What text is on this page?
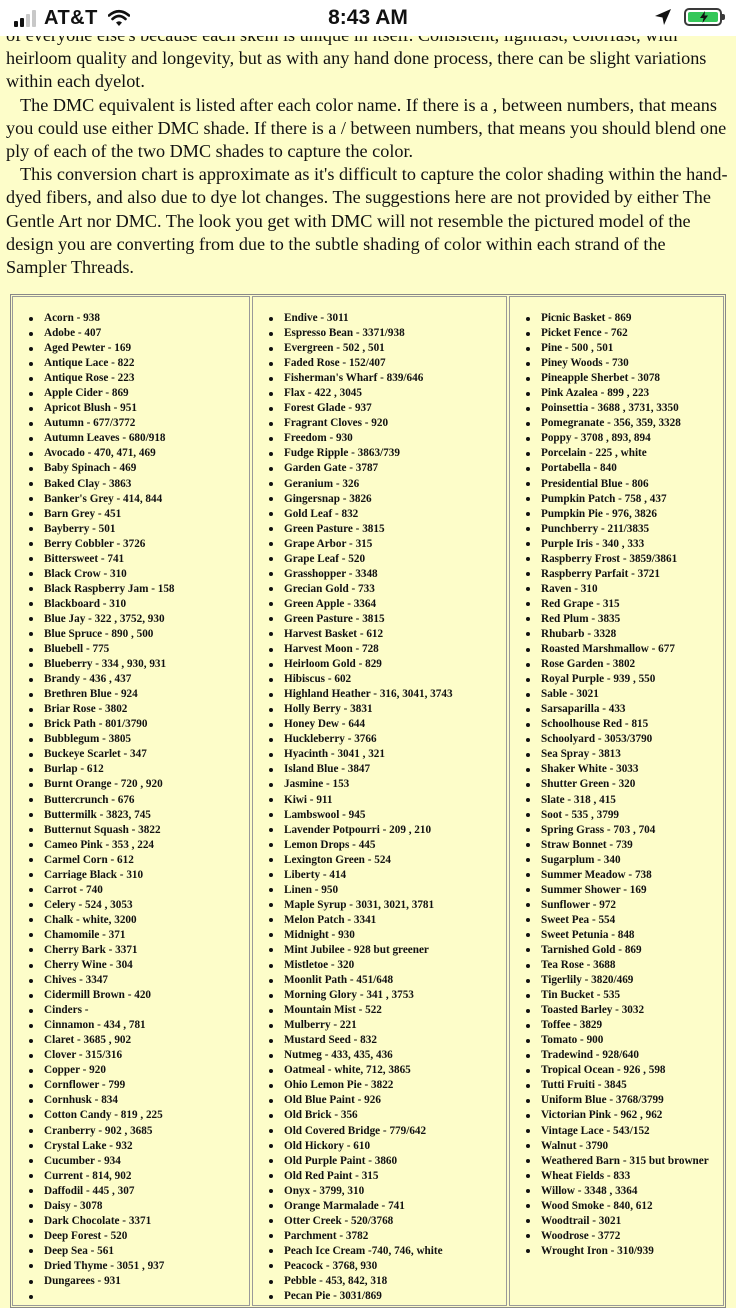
AT&T	8:43 AM

heirloom quality and longevity, but as with any hand done process, there can be slight variations within each dyelot.

The DMC equivalent is listed after each color name. If there is a , between numbers, that means you could use either DMC shade. If there is a / between numbers, that means you should blend one ply of each of the two DMC shades to capture the color.

This conversion chart is approximate as it's difficult to capture the color shading within the hand-dyed fibers, and also due to dye lot changes. The suggestions here are not provided by either The Gentle Art nor DMC. The look you get with DMC will not resemble the pictured model of the design you are converting from due to the subtle shading of color within each strand of the Sampler Threads.

Acorn - 938
Adobe - 407
Aged Pewter - 169
Antique Lace - 822
Antique Rose - 223
Apple Cider - 869
Apricot Blush - 951
Autumn - 677/3772
Autumn Leaves - 680/918
Avocado - 470, 471, 469
Baby Spinach - 469
Baked Clay - 3863
Banker's Grey - 414, 844
Barn Grey - 451
Bayberry - 501
Berry Cobbler - 3726
Bittersweet - 741
Black Crow - 310
Black Raspberry Jam - 158
Blackboard - 310
Blue Jay - 322 , 3752, 930
Blue Spruce - 890 , 500
Bluebell - 775
Blueberry - 334 , 930, 931
Brandy - 436 , 437
Brethren Blue - 924
Briar Rose - 3802
Brick Path - 801/3790
Bubblegum - 3805
Buckeye Scarlet - 347
Burlap - 612
Burnt Orange - 720 , 920
Buttercrunch - 676
Buttermilk - 3823, 745
Butternut Squash - 3822
Cameo Pink - 353 , 224
Carmel Corn - 612
Carriage Black - 310
Carrot - 740
Celery - 524 , 3053
Chalk - white, 3200
Chamomile - 371
Cherry Bark - 3371
Cherry Wine - 304
Chives - 3347
Cidermill Brown - 420
Cinders -
Cinnamon - 434 , 781
Claret - 3685 , 902
Clover - 315/316
Copper - 920
Cornflower - 799
Cornhusk - 834
Cotton Candy - 819 , 225
Cranberry - 902 , 3685
Crystal Lake - 932
Cucumber - 934
Current - 814, 902
Daffodil - 445 , 307
Daisy - 3078
Dark Chocolate - 3371
Deep Forest - 520
Deep Sea - 561
Dried Thyme - 3051 , 937
Dungarees - 931
Endive - 3011
Espresso Bean - 3371/938
Evergreen - 502 , 501
Faded Rose - 152/407
Fisherman's Wharf - 839/646
Flax - 422 , 3045
Forest Glade - 937
Fragrant Cloves - 920
Freedom - 930
Fudge Ripple - 3863/739
Garden Gate - 3787
Geranium - 326
Gingersnap - 3826
Gold Leaf - 832
Green Pasture - 3815
Grape Arbor - 315
Grape Leaf - 520
Grasshopper - 3348
Grecian Gold - 733
Green Apple - 3364
Green Pasture - 3815
Harvest Basket - 612
Harvest Moon - 728
Heirloom Gold - 829
Hibiscus - 602
Highland Heather - 316, 3041, 3743
Holly Berry - 3831
Honey Dew - 644
Huckleberry - 3766
Hyacinth - 3041 , 321
Island Blue - 3847
Jasmine - 153
Kiwi - 911
Lambswool - 945
Lavender Potpourri - 209 , 210
Lemon Drops - 445
Lexington Green - 524
Liberty - 414
Linen - 950
Maple Syrup - 3031, 3021, 3781
Melon Patch - 3341
Midnight - 930
Mint Jubilee - 928 but greener
Mistletoe - 320
Moonlit Path - 451/648
Morning Glory - 341 , 3753
Mountain Mist - 522
Mulberry - 221
Mustard Seed - 832
Nutmeg - 433, 435, 436
Oatmeal - white, 712, 3865
Ohio Lemon Pie - 3822
Old Blue Paint - 926
Old Brick - 356
Old Covered Bridge - 779/642
Old Hickory - 610
Old Purple Paint - 3860
Old Red Paint - 315
Onyx - 3799, 310
Orange Marmalade - 741
Otter Creek - 520/3768
Parchment - 3782
Peach Ice Cream -740, 746, white
Peacock - 3768, 930
Pebble - 453, 842, 318
Pecan Pie - 3031/869
Picnic Basket - 869
Picket Fence - 762
Pine - 500 , 501
Piney Woods - 730
Pineapple Sherbet - 3078
Pink Azalea - 899 , 223
Poinsettia - 3688 , 3731, 3350
Pomegranate - 356, 359, 3328
Poppy - 3708 , 893, 894
Porcelain - 225 , white
Portabella - 840
Presidential Blue - 806
Pumpkin Patch - 758 , 437
Pumpkin Pie - 976, 3826
Punchberry - 211/3835
Purple Iris - 340 , 333
Raspberry Frost - 3859/3861
Raspberry Parfait - 3721
Raven - 310
Red Grape - 315
Red Plum - 3835
Rhubarb - 3328
Roasted Marshmallow - 677
Rose Garden - 3802
Royal Purple - 939 , 550
Sable - 3021
Sarsaparilla - 433
Schoolhouse Red - 815
Schoolyard - 3053/3790
Sea Spray - 3813
Shaker White - 3033
Shutter Green - 320
Slate - 318 , 415
Soot - 535 , 3799
Spring Grass - 703 , 704
Straw Bonnet - 739
Sugarplum - 340
Summer Meadow - 738
Summer Shower - 169
Sunflower - 972
Sweet Pea - 554
Sweet Petunia - 848
Tarnished Gold - 869
Tea Rose - 3688
Tigerlily - 3820/469
Tin Bucket - 535
Toasted Barley - 3032
Toffee - 3829
Tomato - 900
Tradewind - 928/640
Tropical Ocean - 926 , 598
Tutti Fruiti - 3845
Uniform Blue - 3768/3799
Victorian Pink - 962 , 962
Vintage Lace - 543/152
Walnut - 3790
Weathered Barn - 315 but browner
Wheat Fields - 833
Willow - 3348 , 3364
Wood Smoke - 840, 612
Woodtrail - 3021
Woodrose - 3772
Wrought Iron - 310/939
